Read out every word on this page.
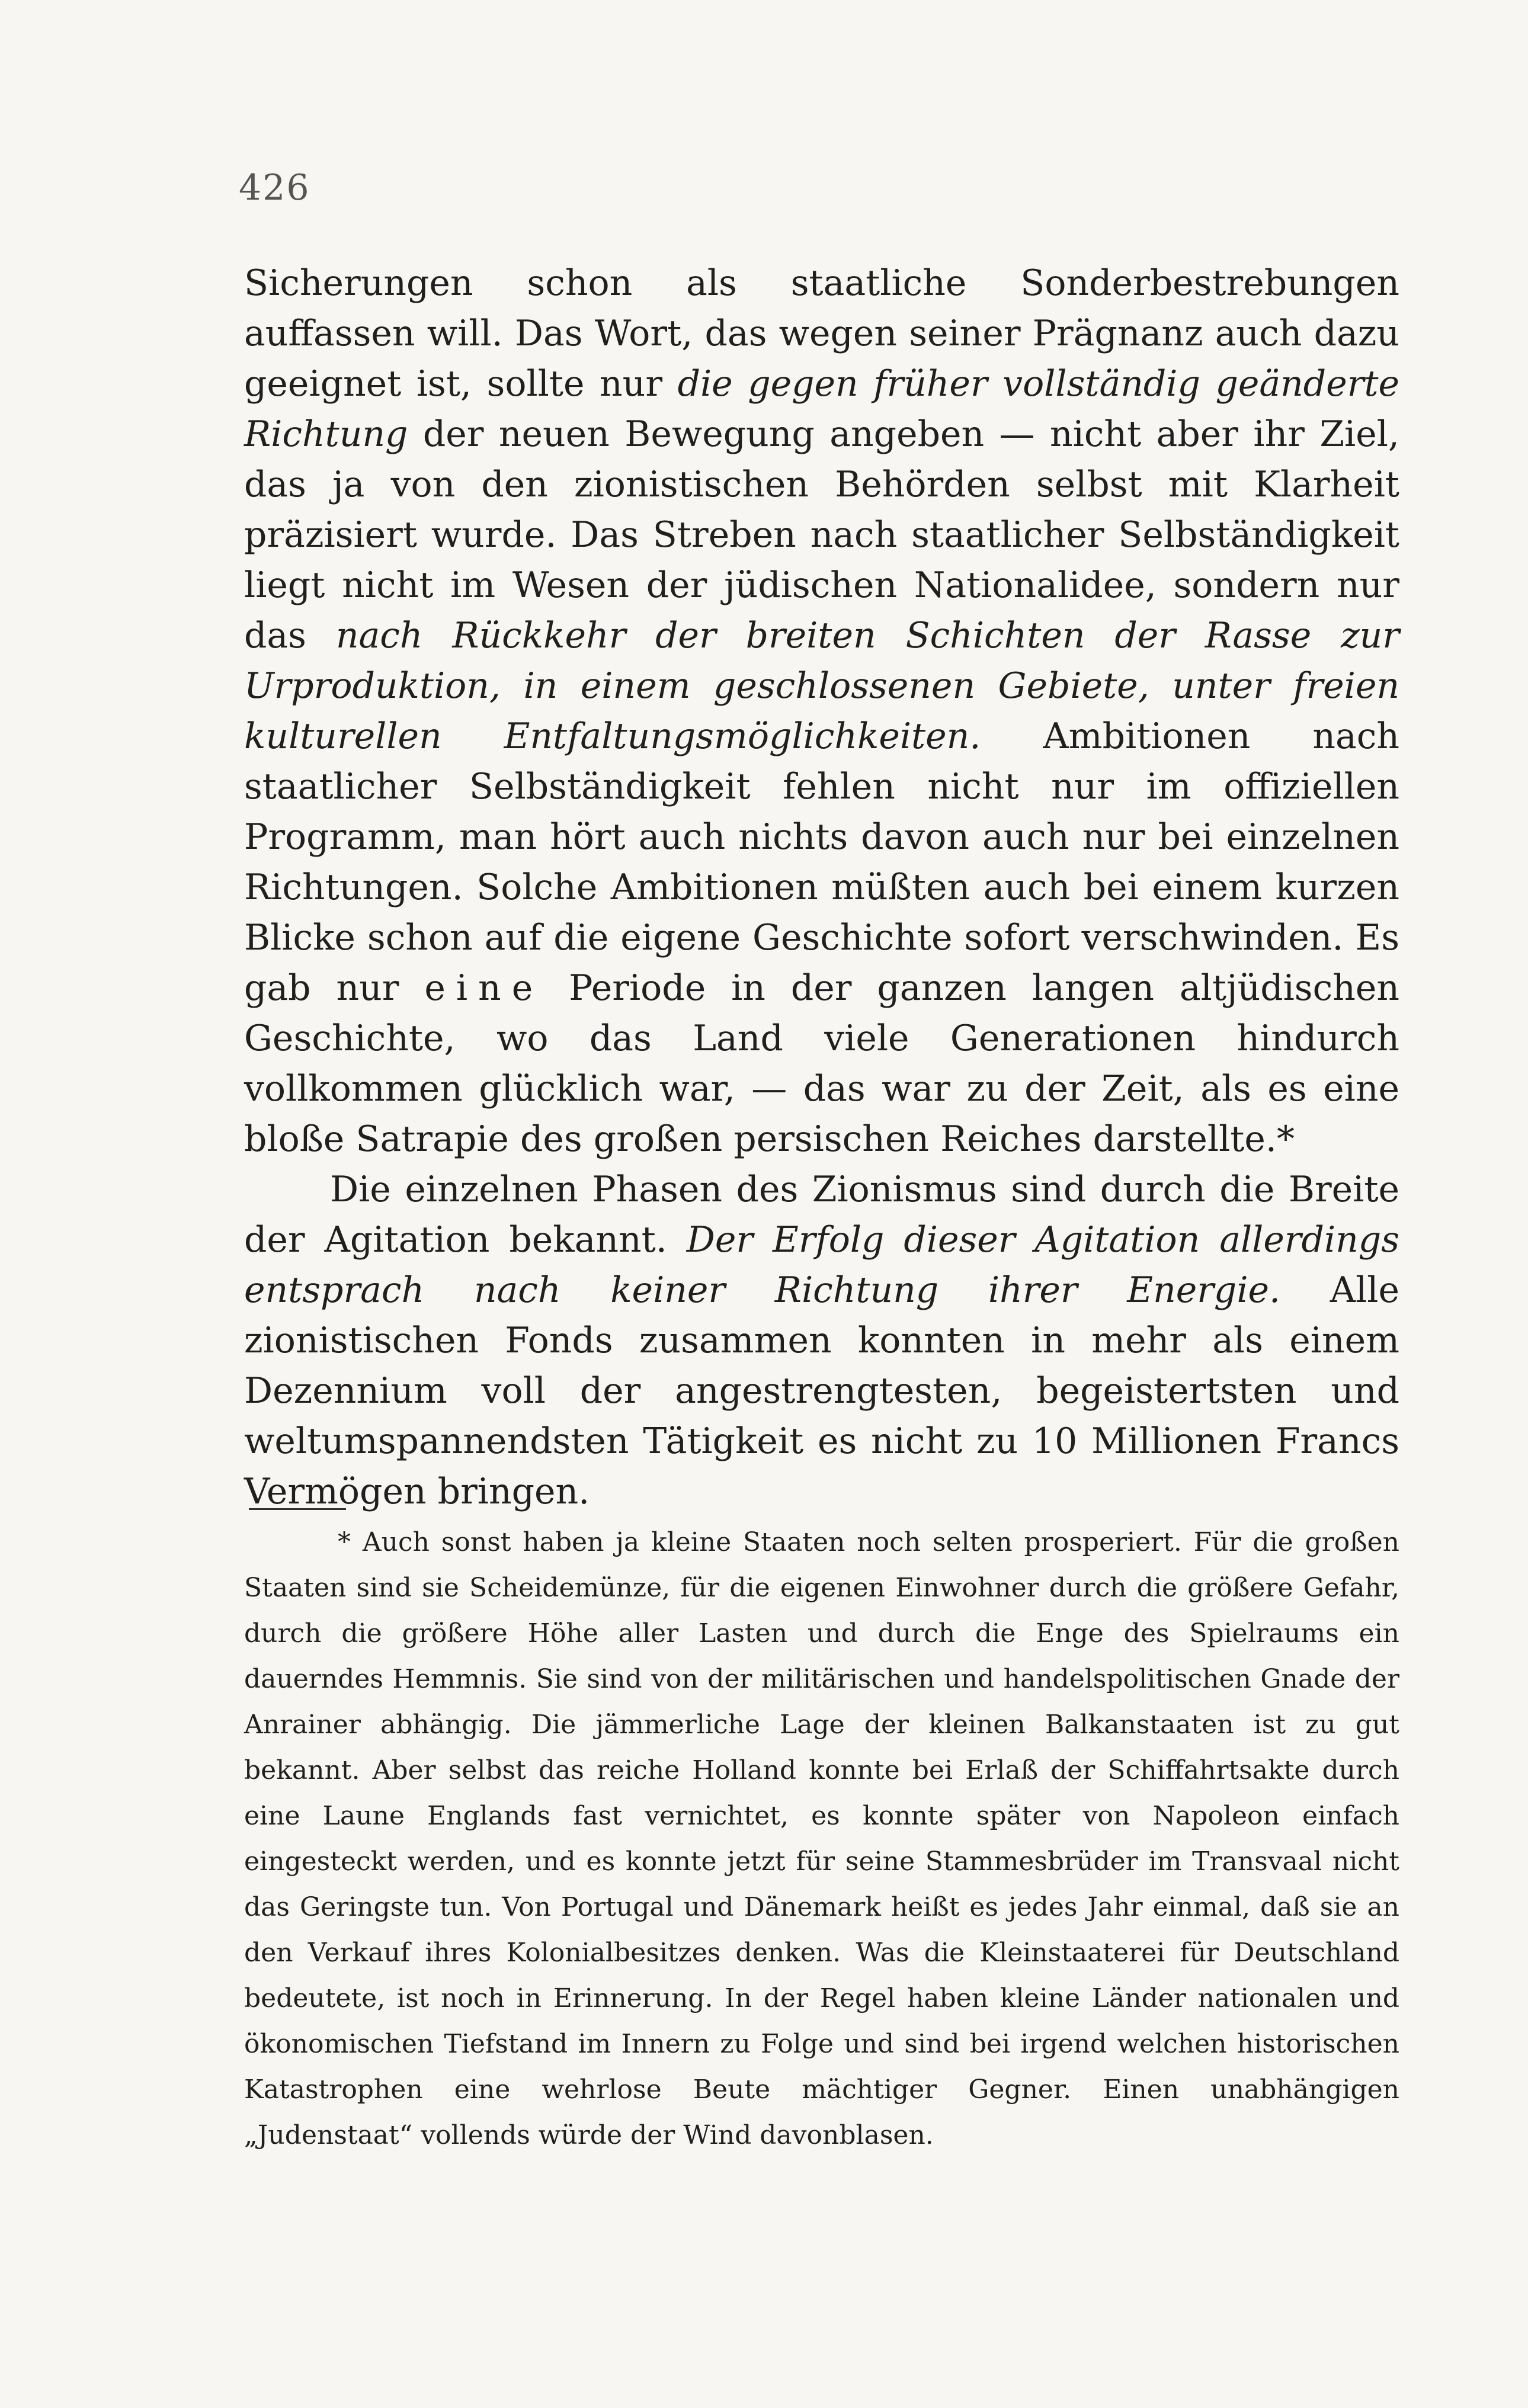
426

Sicherungen schon als staatliche Sonderbestrebungen auffassen will. Das Wort, das wegen seiner Prägnanz auch dazu geeignet ist, sollte nur die gegen früher vollständig geänderte Richtung der neuen Bewegung angeben — nicht aber ihr Ziel, das ja von den zionistischen Behörden selbst mit Klarheit präzisiert wurde. Das Streben nach staatlicher Selbständigkeit liegt nicht im Wesen der jüdischen Nationalidee, sondern nur das nach Rückkehr der breiten Schichten der Rasse zur Urproduktion, in einem geschlossenen Gebiete, unter freien kulturellen Entfaltungsmöglichkeiten. Ambitionen nach staatlicher Selbständigkeit fehlen nicht nur im offiziellen Programm, man hört auch nichts davon auch nur bei einzelnen Richtungen. Solche Ambitionen müßten auch bei einem kurzen Blicke schon auf die eigene Geschichte sofort verschwinden. Es gab nur eine Periode in der ganzen langen altjüdischen Geschichte, wo das Land viele Generationen hindurch vollkommen glücklich war, — das war zu der Zeit, als es eine bloße Satrapie des großen persischen Reiches darstellte.*

Die einzelnen Phasen des Zionismus sind durch die Breite der Agitation bekannt. Der Erfolg dieser Agitation allerdings entsprach nach keiner Richtung ihrer Energie. Alle zionistischen Fonds zusammen konnten in mehr als einem Dezennium voll der angestrengtesten, begeistertsten und weltumspannendsten Tätigkeit es nicht zu 10 Millionen Francs Vermögen bringen.

* Auch sonst haben ja kleine Staaten noch selten prosperiert. Für die großen Staaten sind sie Scheidemünze, für die eigenen Einwohner durch die größere Gefahr, durch die größere Höhe aller Lasten und durch die Enge des Spielraums ein dauerndes Hemmnis. Sie sind von der militärischen und handelspolitischen Gnade der Anrainer abhängig. Die jämmerliche Lage der kleinen Balkanstaaten ist zu gut bekannt. Aber selbst das reiche Holland konnte bei Erlaß der Schiffahrtsakte durch eine Laune Englands fast vernichtet, es konnte später von Napoleon einfach eingesteckt werden, und es konnte jetzt für seine Stammesbrüder im Transvaal nicht das Geringste tun. Von Portugal und Dänemark heißt es jedes Jahr einmal, daß sie an den Verkauf ihres Kolonialbesitzes denken. Was die Kleinstaaterei für Deutschland bedeutete, ist noch in Erinnerung. In der Regel haben kleine Länder nationalen und ökonomischen Tiefstand im Innern zu Folge und sind bei irgend welchen historischen Katastrophen eine wehrlose Beute mächtiger Gegner. Einen unabhängigen „Judenstaat“ vollends würde der Wind davonblasen.
